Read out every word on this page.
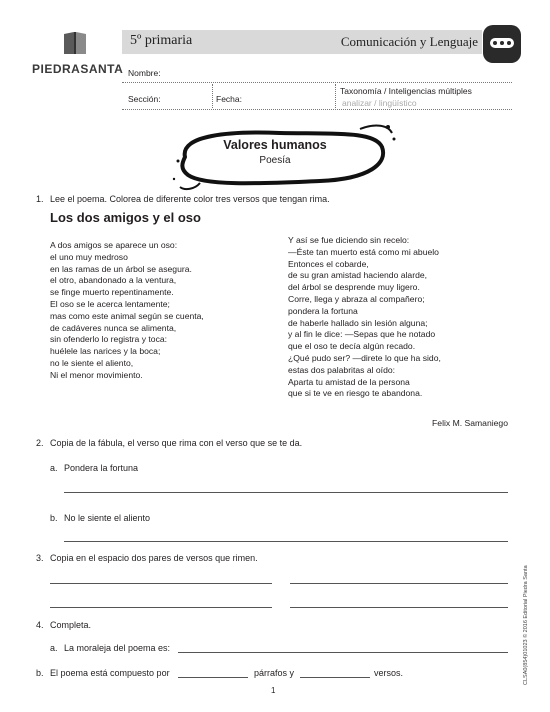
PIEDRASANTA
5º primaria	Comunicación y Lenguaje
Nombre:
Sección:	Fecha:
Taxonomía / Inteligencias múltiples
analizar / lingüístico
Valores humanos
Poesía
1. Lee el poema. Colorea de diferente color tres versos que tengan rima.
Los dos amigos y el oso
A dos amigos se aparece un oso:
el uno muy medroso
en las ramas de un árbol se asegura.
el otro, abandonado a la ventura,
se finge muerto repentinamente.
El oso se le acerca lentamente;
mas como este animal según se cuenta,
de cadáveres nunca se alimenta,
sin ofenderlo lo registra y toca:
huélele las narices y la boca;
no le siente el aliento,
Ni el menor movimiento.
Y así se fue diciendo sin recelo:
—Éste tan muerto está como mi abuelo
Entonces el cobarde,
de su gran amistad haciendo alarde,
del árbol se desprende muy ligero.
Corre, llega y abraza al compañero;
pondera la fortuna
de haberle hallado sin lesión alguna;
y al fin le dice: —Sepas que he notado
que el oso te decía algún recado.
¿Qué pudo ser? —direte lo que ha sido,
estas dos palabritas al oído:
Aparta tu amistad de la persona
que si te ve en riesgo te abandona.
Felix M. Samaniego
2. Copia de la fábula, el verso que rima con el verso que se te da.
a. Pondera la fortuna
b. No le siente el aliento
3. Copia en el espacio dos pares de versos que rimen.
4. Completa.
a. La moraleja del poema es:
b. El poema está compuesto por	párrafos y	versos.
1
CLSA0(854)01023 © 2016 Editorial Piedra Santa
